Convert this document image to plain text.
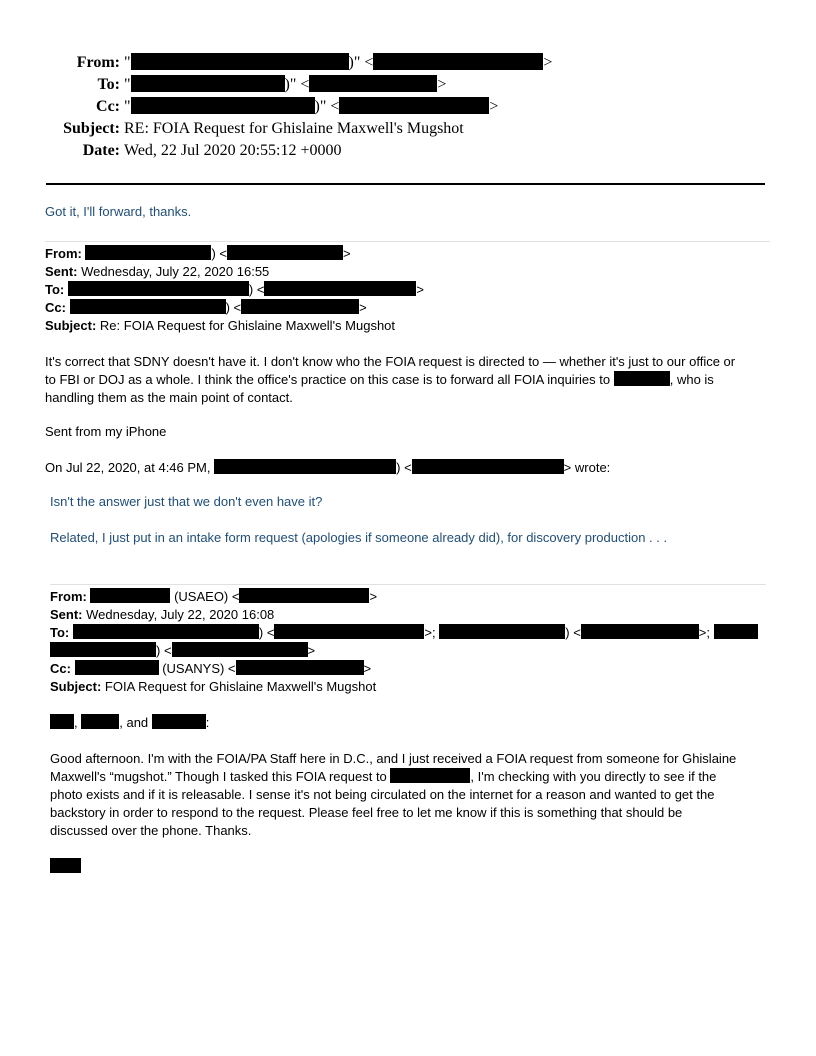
From: "	)" <	>
To: "	)" <	>
Cc: "	)" <	>
Subject: RE: FOIA Request for Ghislaine Maxwell's Mugshot
Date: Wed, 22 Jul 2020 20:55:12 +0000
Got it, I'll forward, thanks.
From:	) <	>
Sent: Wednesday, July 22, 2020 16:55
To:	) <	>
Cc:	) <	>
Subject: Re: FOIA Request for Ghislaine Maxwell's Mugshot
It's correct that SDNY doesn't have it. I don't know who the FOIA request is directed to — whether it's just to our office or
to FBI or DOJ as a whole. I think the office's practice on this case is to forward all FOIA inquiries to	, who is
handling them as the main point of contact.
Sent from my iPhone
On Jul 22, 2020, at 4:46 PM,	) <	> wrote:
Isn't the answer just that we don't even have it?
Related, I just put in an intake form request (apologies if someone already did), for discovery production . . .
From:	(USAEO) <	>
Sent: Wednesday, July 22, 2020 16:08
To:	) <	>;	) <	>;
) <	>
Cc:	(USANYS) <	>
Subject: FOIA Request for Ghislaine Maxwell's Mugshot
,	, and	:
Good afternoon. I'm with the FOIA/PA Staff here in D.C., and I just received a FOIA request from someone for Ghislaine
Maxwell's “mugshot.” Though I tasked this FOIA request to	, I'm checking with you directly to see if the
photo exists and if it is releasable. I sense it's not being circulated on the internet for a reason and wanted to get the
backstory in order to respond to the request. Please feel free to let me know if this is something that should be
discussed over the phone. Thanks.
